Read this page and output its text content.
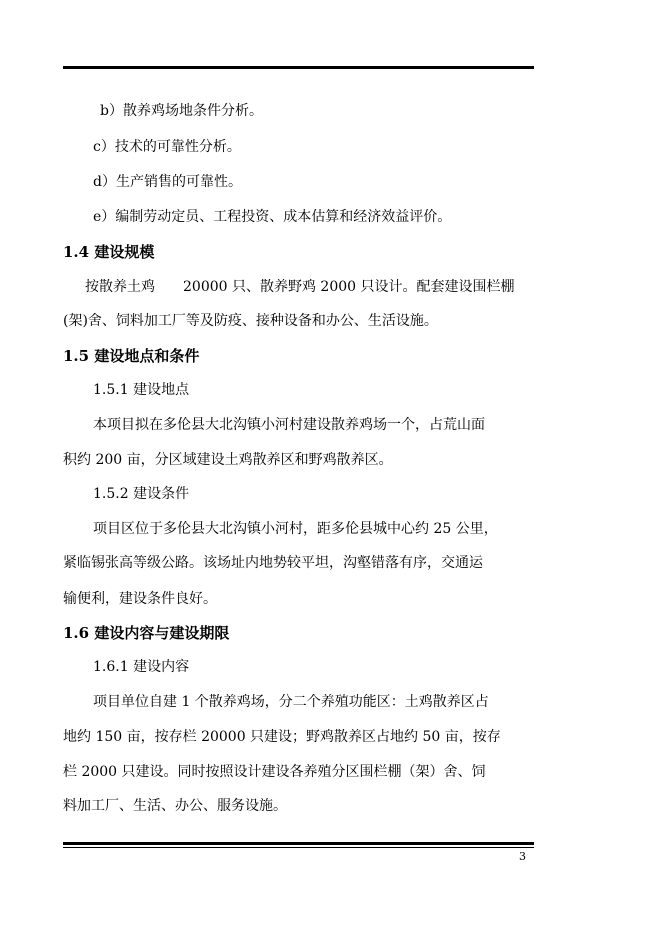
b）散养鸡场地条件分析。
c）技术的可靠性分析。
d）生产销售的可靠性。
e）编制劳动定员、工程投资、成本估算和经济效益评价。
1.4 建设规模
按散养土鸡　　20000 只、散养野鸡 2000 只设计。配套建设围栏棚
(架)舍、饲料加工厂等及防疫、接种设备和办公、生活设施。
1.5 建设地点和条件
1.5.1 建设地点
本项目拟在多伦县大北沟镇小河村建设散养鸡场一个，占荒山面
积约 200 亩，分区域建设土鸡散养区和野鸡散养区。
1.5.2 建设条件
项目区位于多伦县大北沟镇小河村，距多伦县城中心约 25 公里，
紧临锡张高等级公路。该场址内地势较平坦，沟壑错落有序，交通运
输便利，建设条件良好。
1.6 建设内容与建设期限
1.6.1 建设内容
项目单位自建 1 个散养鸡场，分二个养殖功能区：土鸡散养区占
地约 150 亩，按存栏 20000 只建设；野鸡散养区占地约 50 亩，按存
栏 2000 只建设。同时按照设计建设各养殖分区围栏棚（架）舍、饲
料加工厂、生活、办公、服务设施。
3
